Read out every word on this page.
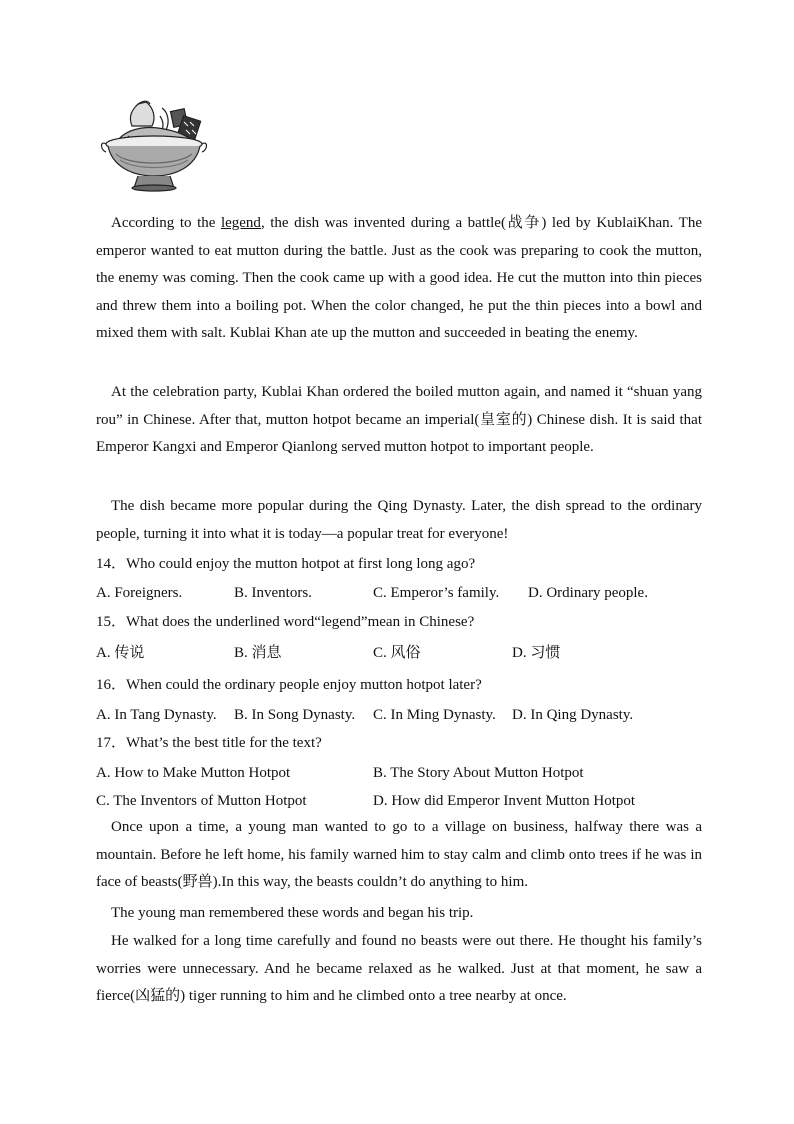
According to the legend, the dish was invented during a battle(战争) led by KublaiKhan. The emperor wanted to eat mutton during the battle. Just as the cook was preparing to cook the mutton, the enemy was coming. Then the cook came up with a good idea. He cut the mutton into thin pieces and threw them into a boiling pot. When the color changed, he put the thin pieces into a bowl and mixed them with salt. Kublai Khan ate up the mutton and succeeded in beating the enemy.

At the celebration party, Kublai Khan ordered the boiled mutton again, and named it “shuan yang rou” in Chinese. After that, mutton hotpot became an imperial(皇室的) Chinese dish. It is said that Emperor Kangxi and Emperor Qianlong served mutton hotpot to important people.

The dish became more popular during the Qing Dynasty. Later, the dish spread to the ordinary people, turning it into what it is today—a popular treat for everyone!

14．Who could enjoy the mutton hotpot at first long long ago?
A. Foreigners.	B. Inventors.	C. Emperor’s family. D. Ordinary people.
15．What does the underlined word“legend”mean in Chinese?
A. 传说	B. 消息	C. 风俗	D. 习惯
16．When could the ordinary people enjoy mutton hotpot later?
A. In Tang Dynasty. B. In Song Dynasty. C. In Ming Dynasty. D. In Qing Dynasty.
17．What’s the best title for the text?
A. How to Make Mutton Hotpot	B. The Story About Mutton Hotpot
C. The Inventors of Mutton Hotpot	D. How did Emperor Invent Mutton Hotpot

Once upon a time, a young man wanted to go to a village on business, halfway there was a mountain. Before he left home, his family warned him to stay calm and climb onto trees if he was in face of beasts(野兽).In this way, the beasts couldn’t do anything to him.

The young man remembered these words and began his trip.

He walked for a long time carefully and found no beasts were out there. He thought his family’s worries were unnecessary. And he became relaxed as he walked. Just at that moment, he saw a fierce(凶猛的) tiger running to him and he climbed onto a tree nearby at once.
